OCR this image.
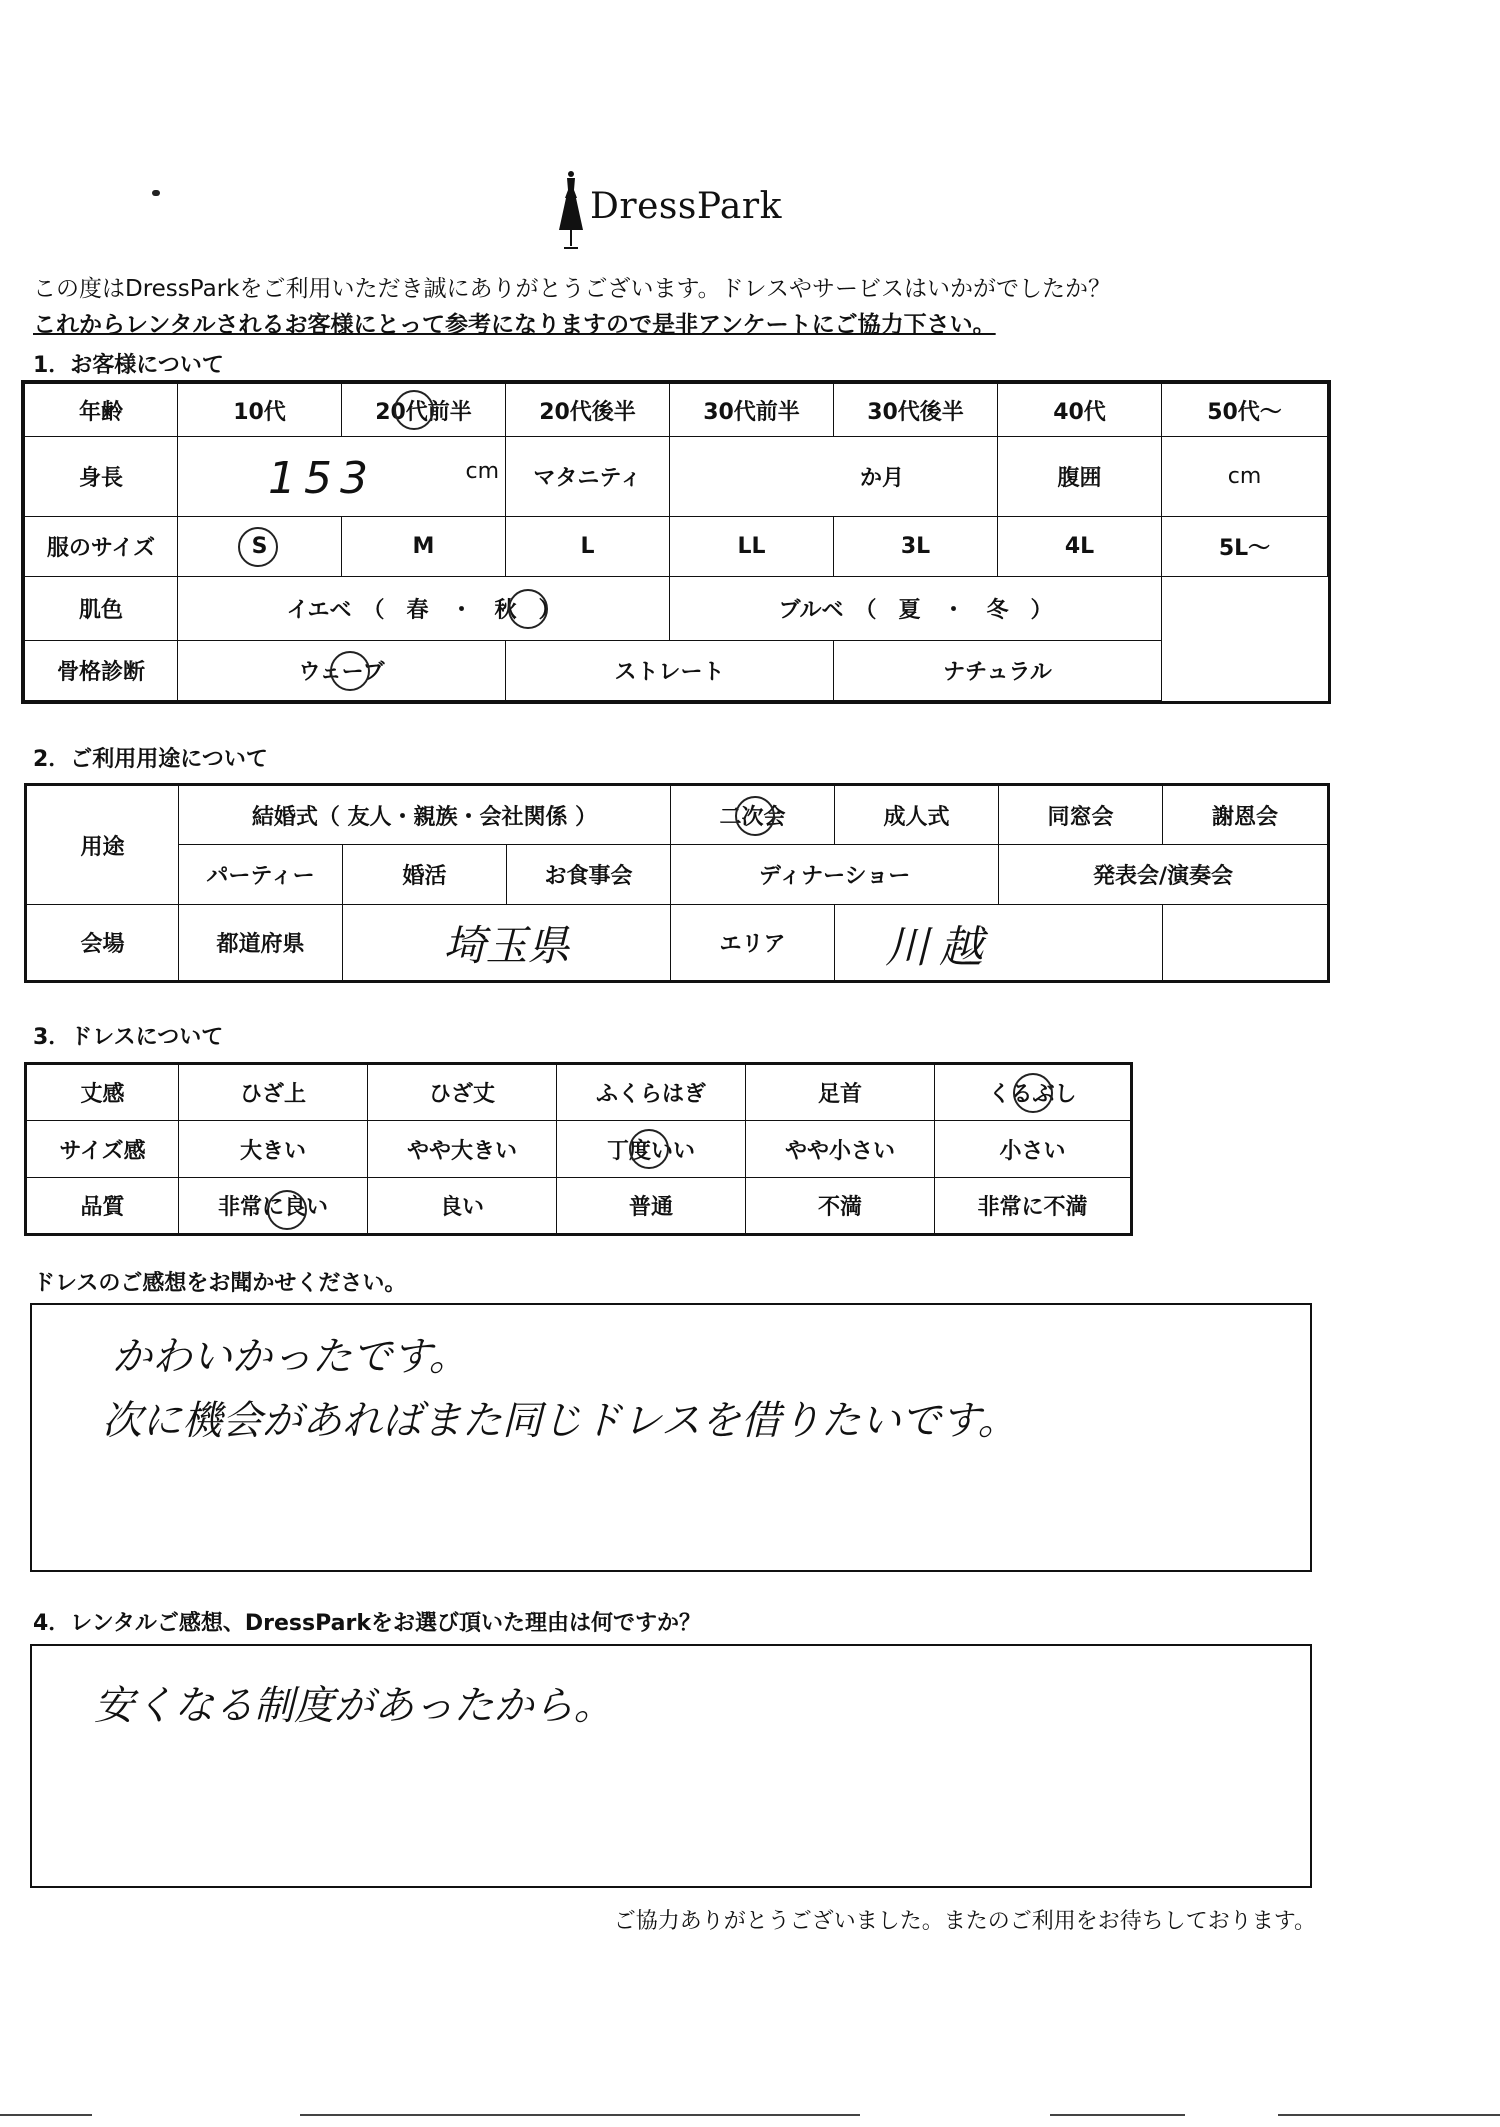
DressPark
この度はDressParkをご利用いただき誠にありがとうございます。ドレスやサービスはいかがでしたか？
これからレンタルされるお客様にとって参考になりますので是非アンケートにご協力下さい。
1．お客様について
年齢	10代	20代前半	20代後半	30代前半	30代後半	40代	50代～
身長	153 cm		マタニティ	か月		腹囲	cm
服のサイズ	S	M	L	LL	3L	4L	5L～
肌色	イエベ　（　春　・　秋　）			ブルベ　（　夏　・　冬　）			
骨格診断	ウェーブ		ストレート		ナチュラル		
2．ご利用用途について
用途	結婚式（ 友人・親族・会社関係 ）			二次会	成人式	同窓会	謝恩会
	パーティー	婚活	お食事会	ディナーショー		発表会/演奏会	
会場	都道府県	埼玉県		エリア	川越		
3．ドレスについて
丈感	ひざ上	ひざ丈	ふくらはぎ	足首	くるぶし

サイズ感	大きい	やや大きい	丁度いい	やや小さい	小さい
品質	非常に良い	良い	普通	不満	非常に不満
ドレスのご感想をお聞かせください。
かわいかったです。
次に機会があればまた同じドレスを借りたいです。
4．レンタルご感想、DressParkをお選び頂いた理由は何ですか？
安くなる制度があったから。
ご協力ありがとうございました。またのご利用をお待ちしております。
